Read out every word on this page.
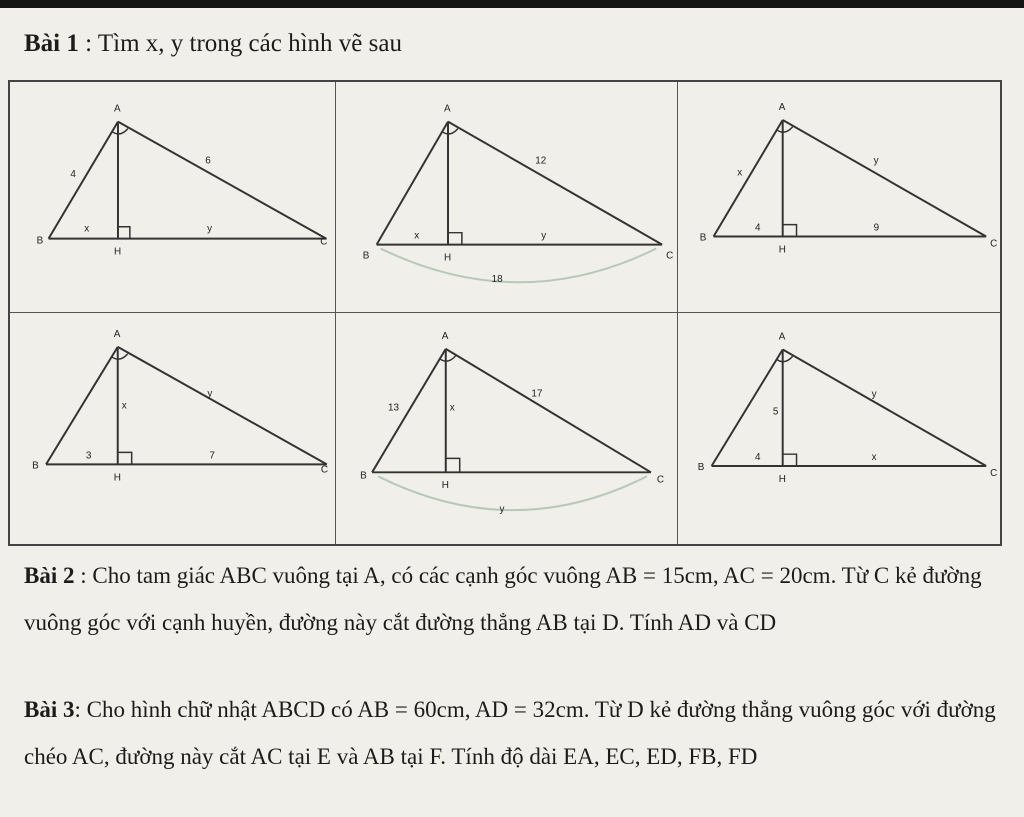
Bài 1 : Tìm x, y trong các hình vẽ sau
A
B	C
H
4
6
x	y
A
B	C
H
12
x	y
18
A
B
C
H
x
y
4	9
A
B	C
H
x
y
3	7
A
B	C
H
13
17
x
y
A
B
C
H
5
y
4	x
Bài 2 : Cho tam giác ABC vuông tại A, có các cạnh góc vuông AB = 15cm, AC = 20cm. Từ C kẻ đường vuông góc với cạnh huyền, đường này cắt đường thẳng AB tại D. Tính AD và CD
Bài 3: Cho hình chữ nhật ABCD có AB = 60cm, AD = 32cm. Từ D kẻ đường thẳng vuông góc với đường chéo AC, đường này cắt AC tại E và AB tại F. Tính độ dài EA, EC, ED, FB, FD
